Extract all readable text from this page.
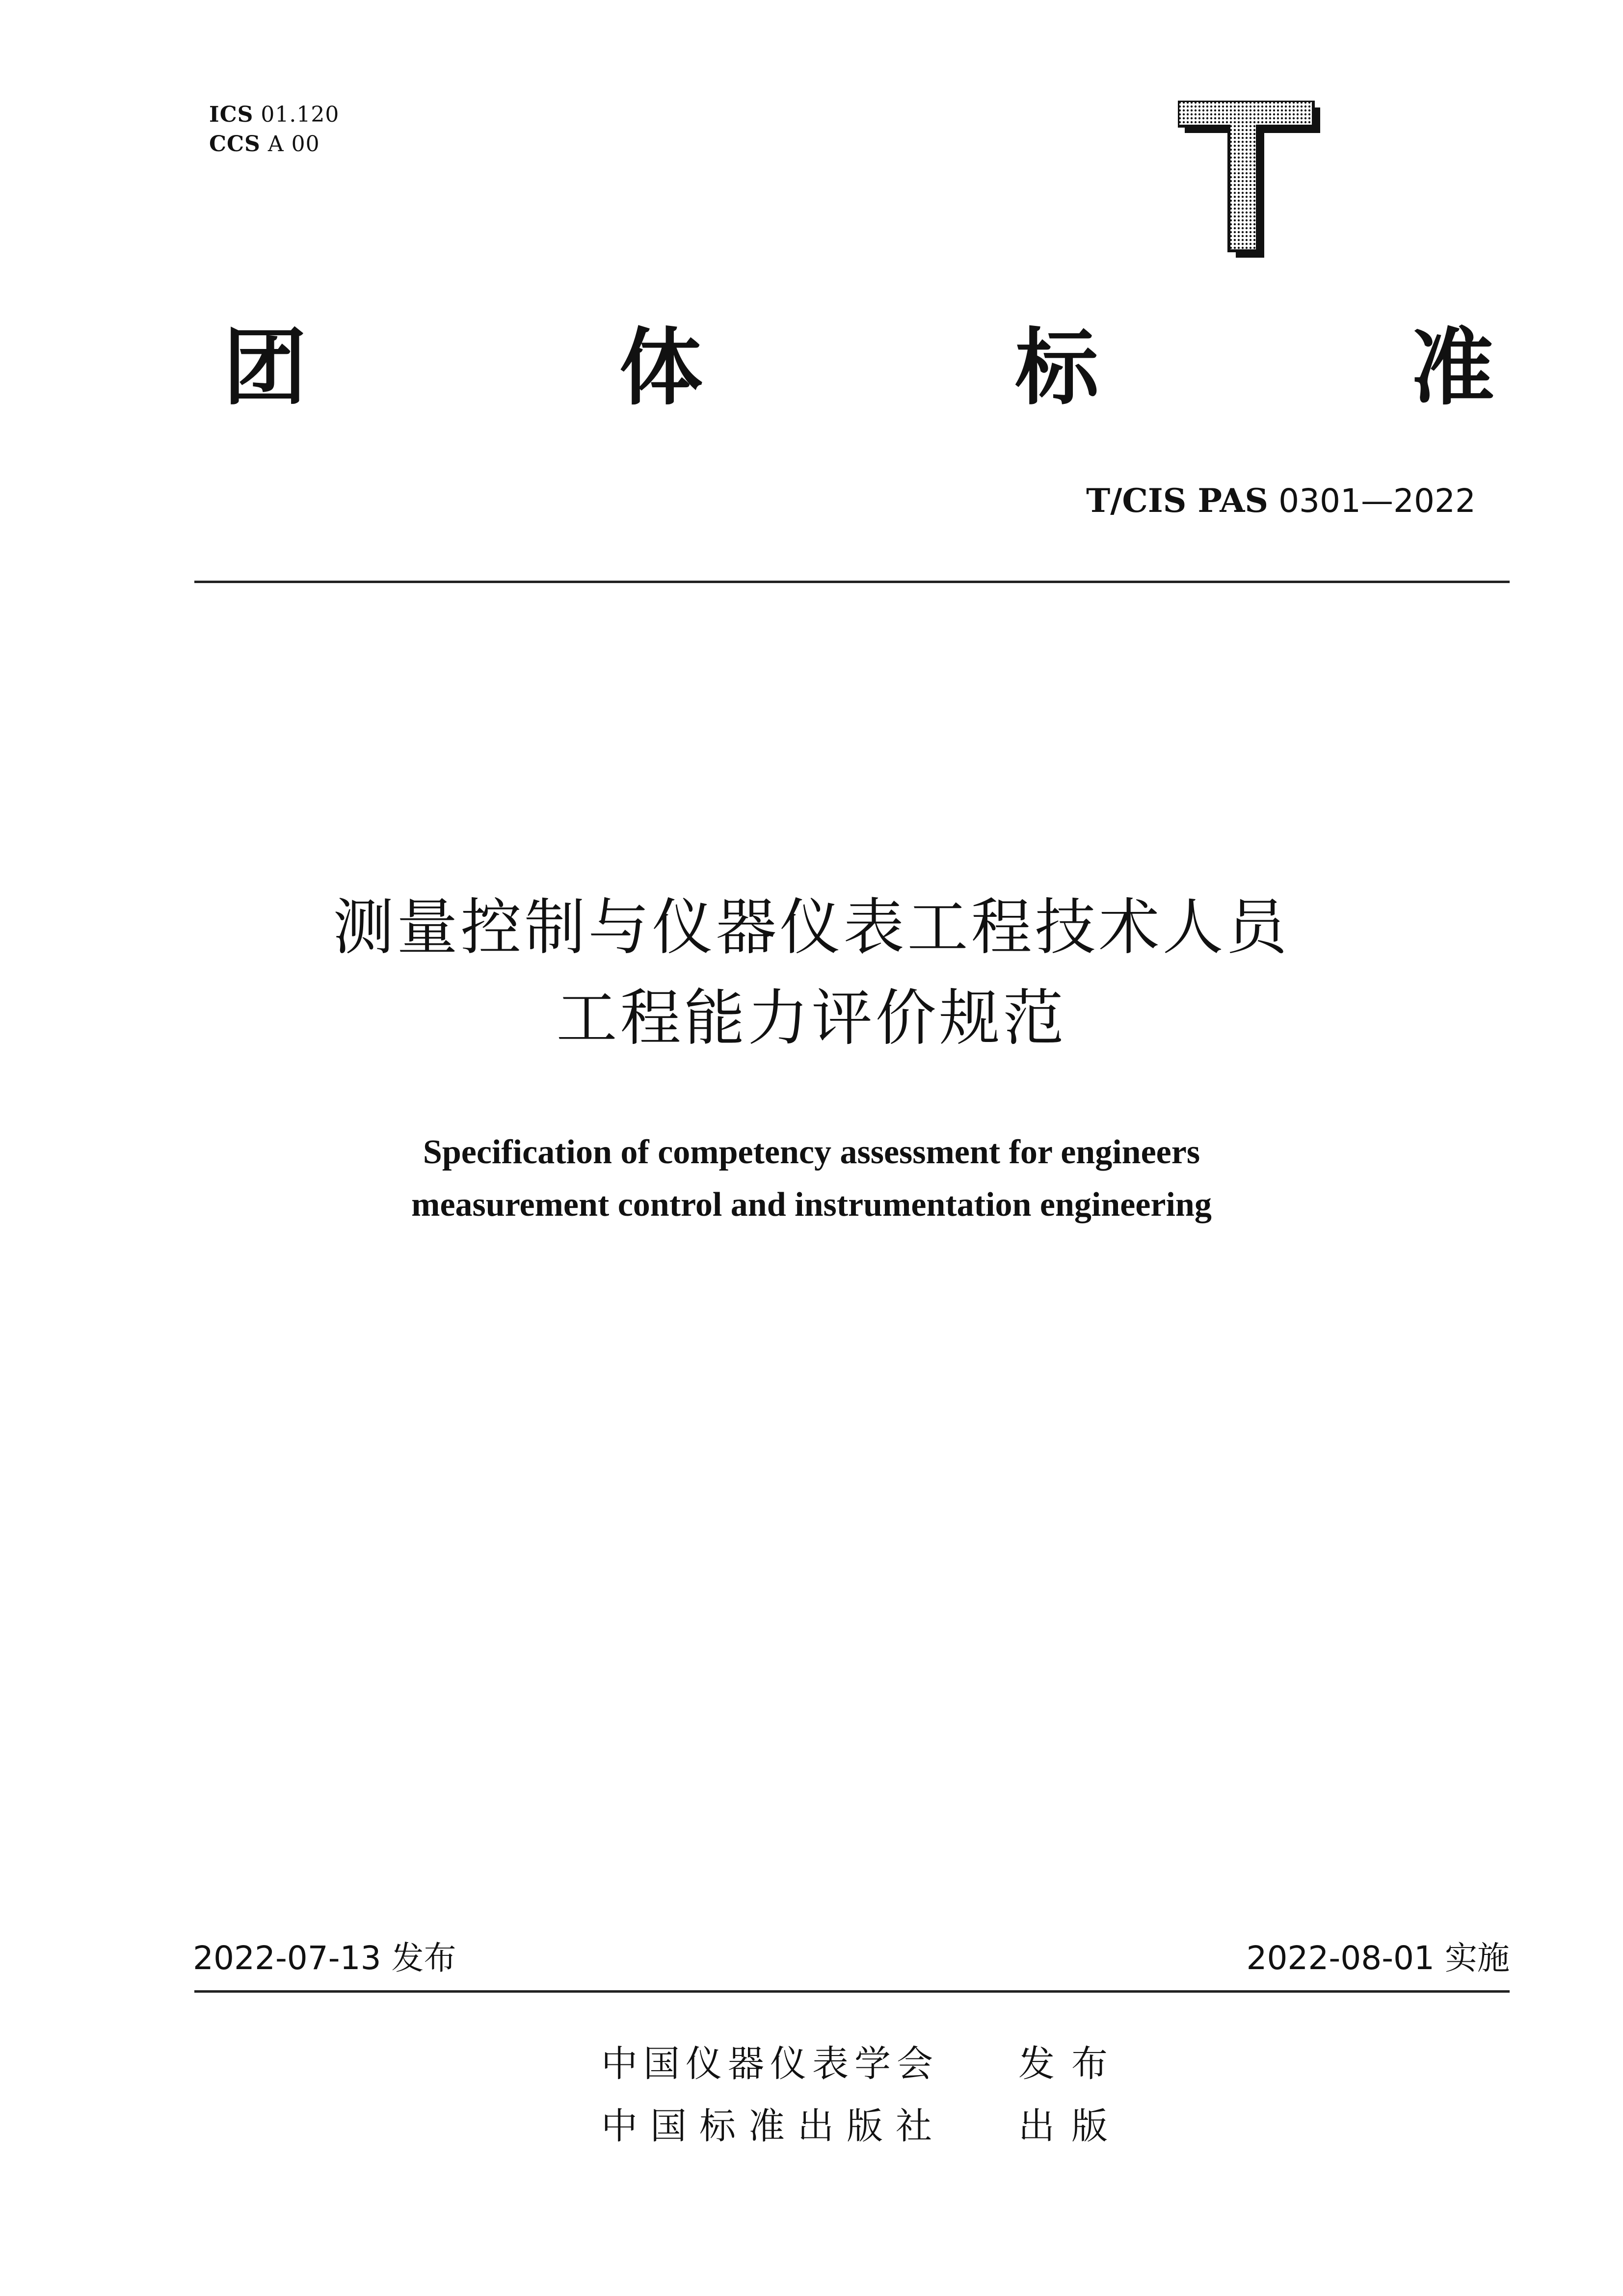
ICS 01.120

CCS A 00

团	体	标	准
T/CIS PAS 0301—2022
测量控制与仪器仪表工程技术人员
工程能力评价规范
Specification of competency assessment for engineers
measurement control and instrumentation engineering
2022-07-13 发布	2022-08-01 实施
中国仪器仪表学会 发布
中国标准出版社 出版
